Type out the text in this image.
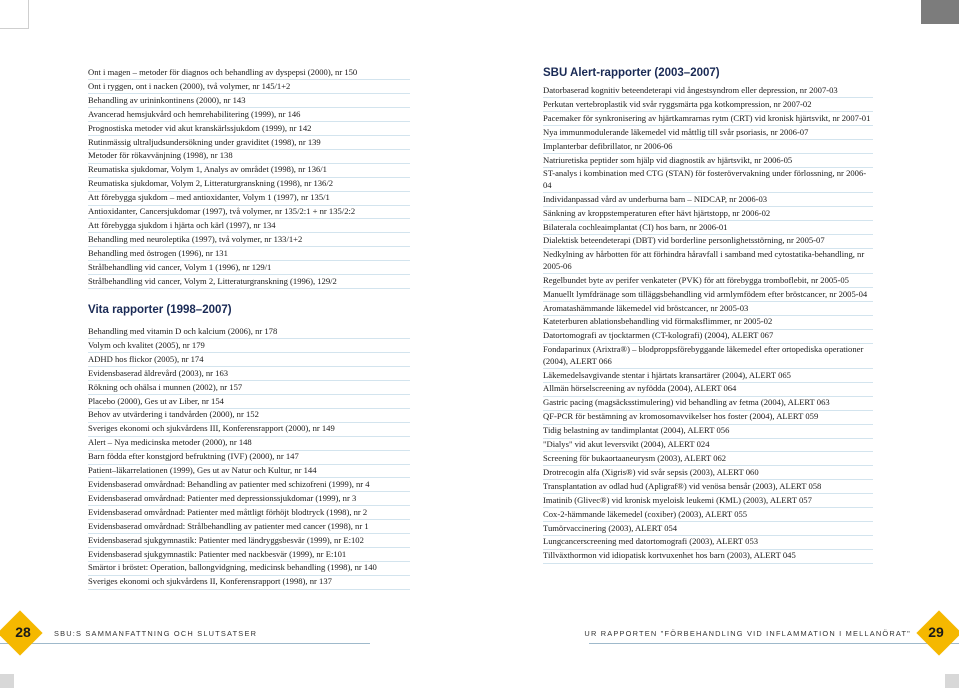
Ont i magen – metoder för diagnos och behandling av dyspepsi (2000), nr 150
Ont i ryggen, ont i nacken (2000), två volymer, nr 145/1+2
Behandling av urininkontinens (2000), nr 143
Avancerad hemsjukvård och hemrehabilitering (1999), nr 146
Prognostiska metoder vid akut kranskärlssjukdom (1999), nr 142
Rutinmässig ultraljudsundersökning under graviditet (1998), nr 139
Metoder för rökavvänjning (1998), nr 138
Reumatiska sjukdomar, Volym 1, Analys av området (1998), nr 136/1
Reumatiska sjukdomar, Volym 2, Litteraturgranskning (1998), nr 136/2
Att förebygga sjukdom – med antioxidanter, Volym 1 (1997), nr 135/1
Antioxidanter, Cancersjukdomar (1997), två volymer, nr 135/2:1 + nr 135/2:2
Att förebygga sjukdom i hjärta och kärl (1997), nr 134
Behandling med neuroleptika (1997), två volymer, nr 133/1+2
Behandling med östrogen (1996), nr 131
Strålbehandling vid cancer, Volym 1 (1996), nr 129/1
Strålbehandling vid cancer, Volym 2, Litteraturgranskning (1996), 129/2
Vita rapporter (1998–2007)
Behandling med vitamin D och kalcium (2006), nr 178
Volym och kvalitet (2005), nr 179
ADHD hos flickor (2005), nr 174
Evidensbaserad äldrevård (2003), nr 163
Rökning och ohälsa i munnen (2002), nr 157
Placebo (2000), Ges ut av Liber, nr 154
Behov av utvärdering i tandvården (2000), nr 152
Sveriges ekonomi och sjukvårdens III, Konferensrapport (2000), nr 149
Alert – Nya medicinska metoder (2000), nr 148
Barn födda efter konstgjord befruktning (IVF) (2000), nr 147
Patient–läkarrelationen (1999), Ges ut av Natur och Kultur, nr 144
Evidensbaserad omvårdnad: Behandling av patienter med schizofreni (1999), nr 4
Evidensbaserad omvårdnad: Patienter med depressionssjukdomar (1999), nr 3
Evidensbaserad omvårdnad: Patienter med måttligt förhöjt blodtryck (1998), nr 2
Evidensbaserad omvårdnad: Strålbehandling av patienter med cancer (1998), nr 1
Evidensbaserad sjukgymnastik: Patienter med ländryggsbesvär (1999), nr E:102
Evidensbaserad sjukgymnastik: Patienter med nackbesvär (1999), nr E:101
Smärtor i bröstet: Operation, ballongvidgning, medicinsk behandling (1998), nr 140
Sveriges ekonomi och sjukvårdens II, Konferensrapport (1998), nr 137
SBU Alert-rapporter (2003–2007)
Datorbaserad kognitiv beteendeterapi vid ångestsyndrom eller depression, nr 2007-03
Perkutan vertebroplastik vid svår ryggsmärta pga kotkompression, nr 2007-02
Pacemaker för synkronisering av hjärtkamrarnas rytm (CRT) vid kronisk hjärtsvikt, nr 2007-01
Nya immunmodulerande läkemedel vid måttlig till svår psoriasis, nr 2006-07
Implanterbar defibrillator, nr 2006-06
Natriuretiska peptider som hjälp vid diagnostik av hjärtsvikt, nr 2006-05
ST-analys i kombination med CTG (STAN) för fosterövervakning under förlossning, nr 2006-04
Individanpassad vård av underburna barn – NIDCAP, nr 2006-03
Sänkning av kroppstemperaturen efter hävt hjärtstopp, nr 2006-02
Bilaterala cochleaimplantat (CI) hos barn, nr 2006-01
Dialektisk beteendeterapi (DBT) vid borderline personlighetsstörning, nr 2005-07
Nedkylning av hårbotten för att förhindra håravfall i samband med cytostatika-behandling, nr 2005-06
Regelbundet byte av perifer venkateter (PVK) för att förebygga tromboflebit, nr 2005-05
Manuellt lymfdränage som tilläggsbehandling vid armlymfödem efter bröstcancer, nr 2005-04
Aromatashämmande läkemedel vid bröstcancer, nr 2005-03
Kateterburen ablationsbehandling vid förmaksflimmer, nr 2005-02
Datortomografi av tjocktarmen (CT-kolografi) (2004), ALERT 067
Fondaparinux (Arixtra®) – blodproppsförebyggande läkemedel efter ortopediska operationer (2004), ALERT 066
Läkemedelsavgivande stentar i hjärtats kransartärer (2004), ALERT 065
Allmän hörselscreening av nyfödda (2004), ALERT 064
Gastric pacing (magsäcksstimulering) vid behandling av fetma (2004), ALERT 063
QF-PCR för bestämning av kromosomavvikelser hos foster (2004), ALERT 059
Tidig belastning av tandimplantat (2004), ALERT 056
"Dialys" vid akut leversvikt (2004), ALERT 024
Screening för bukaortaaneurysm (2003), ALERT 062
Drotrecogin alfa (Xigris®) vid svår sepsis (2003), ALERT 060
Transplantation av odlad hud (Apligraf®) vid venösa bensår (2003), ALERT 058
Imatinib (Glivec®) vid kronisk myeloisk leukemi (KML) (2003), ALERT 057
Cox-2-hämmande läkemedel (coxiber) (2003), ALERT 055
Tumörvaccinering (2003), ALERT 054
Lungcancerscreening med datortomografi (2003), ALERT 053
Tillväxthormon vid idiopatisk kortvuxenhet hos barn (2003), ALERT 045
28	29
SBU:S SAMMANFATTNING OCH SLUTSATSER	UR RAPPORTEN "FÖRBEHANDLING VID INFLAMMATION I MELLANÖRAT"
